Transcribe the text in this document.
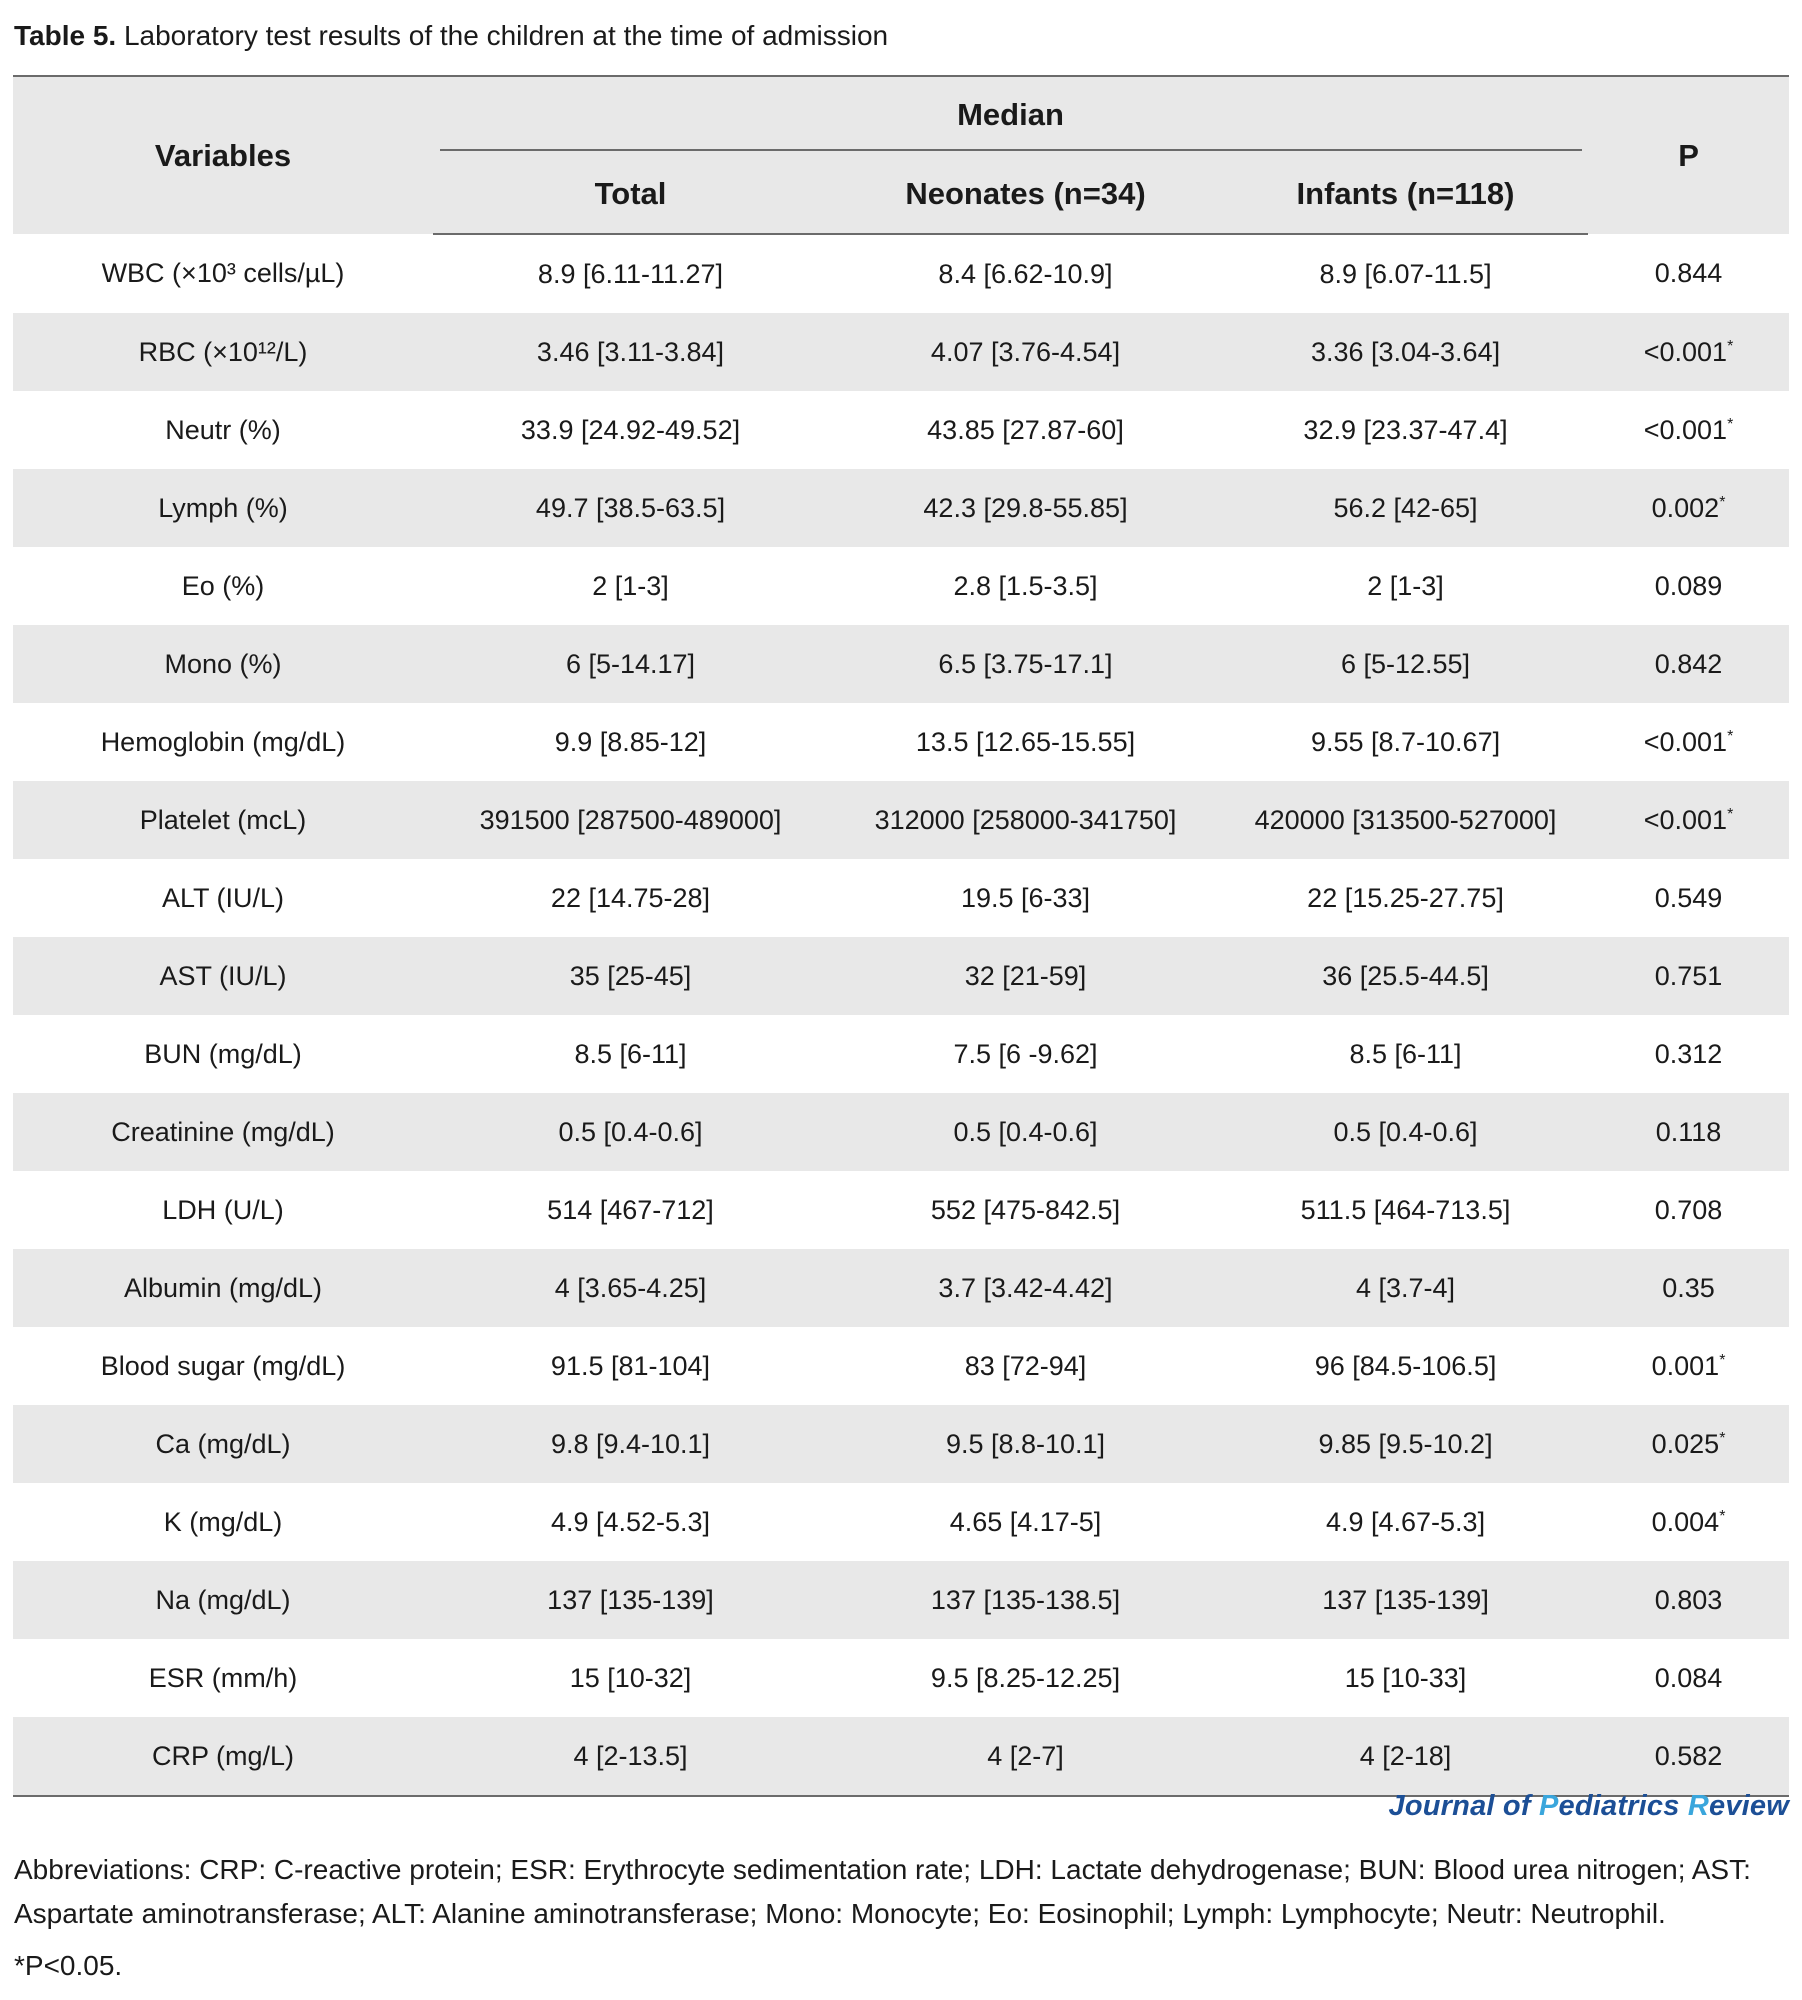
Table 5. Laboratory test results of the children at the time of admission
Variables	Median			P
	Total	Neonates (n=34)	Infants (n=118)	
WBC (×10³ cells/µL)	8.9 [6.11-11.27]	8.4 [6.62-10.9]	8.9 [6.07-11.5]	0.844
RBC (×10¹²/L)	3.46 [3.11-3.84]	4.07 [3.76-4.54]	3.36 [3.04-3.64]	<0.001*
Neutr (%)	33.9 [24.92-49.52]	43.85 [27.87-60]	32.9 [23.37-47.4]	<0.001*
Lymph (%)	49.7 [38.5-63.5]	42.3 [29.8-55.85]	56.2 [42-65]	0.002*
Eo (%)	2 [1-3]	2.8 [1.5-3.5]	2 [1-3]	0.089
Mono (%)	6 [5-14.17]	6.5 [3.75-17.1]	6 [5-12.55]	0.842
Hemoglobin (mg/dL)	9.9 [8.85-12]	13.5 [12.65-15.55]	9.55 [8.7-10.67]	<0.001*
Platelet (mcL)	391500 [287500-489000]	312000 [258000-341750]	420000 [313500-527000]	<0.001*
ALT (IU/L)	22 [14.75-28]	19.5 [6-33]	22 [15.25-27.75]	0.549
AST (IU/L)	35 [25-45]	32 [21-59]	36 [25.5-44.5]	0.751
BUN (mg/dL)	8.5 [6-11]	7.5 [6 -9.62]	8.5 [6-11]	0.312
Creatinine (mg/dL)	0.5 [0.4-0.6]	0.5 [0.4-0.6]	0.5 [0.4-0.6]	0.118
LDH (U/L)	514 [467-712]	552 [475-842.5]	511.5 [464-713.5]	0.708
Albumin (mg/dL)	4 [3.65-4.25]	3.7 [3.42-4.42]	4 [3.7-4]	0.35
Blood sugar (mg/dL)	91.5 [81-104]	83 [72-94]	96 [84.5-106.5]	0.001*
Ca (mg/dL)	9.8 [9.4-10.1]	9.5 [8.8-10.1]	9.85 [9.5-10.2]	0.025*
K (mg/dL)	4.9 [4.52-5.3]	4.65 [4.17-5]	4.9 [4.67-5.3]	0.004*
Na (mg/dL)	137 [135-139]	137 [135-138.5]	137 [135-139]	0.803
ESR (mm/h)	15 [10-32]	9.5 [8.25-12.25]	15 [10-33]	0.084
CRP (mg/L)	4 [2-13.5]	4 [2-7]	4 [2-18]	0.582
Journal of Pediatrics Review
Abbreviations: CRP: C-reactive protein; ESR: Erythrocyte sedimentation rate; LDH: Lactate dehydrogenase; BUN: Blood urea nitrogen; AST: Aspartate aminotransferase; ALT: Alanine aminotransferase; Mono: Monocyte; Eo: Eosinophil; Lymph: Lymphocyte; Neutr: Neutrophil.
*P<0.05.
